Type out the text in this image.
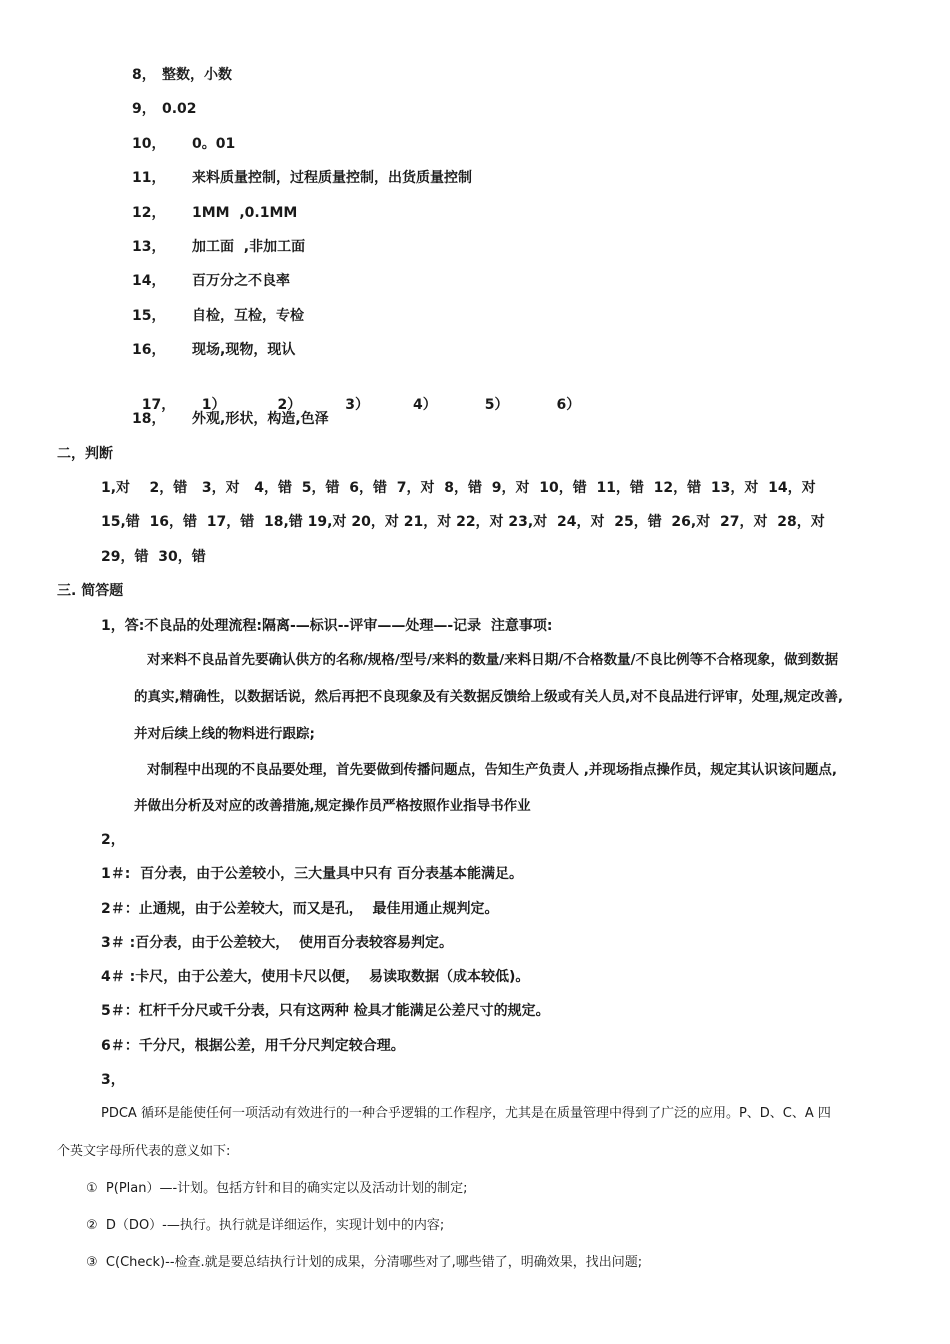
8， 整数，小数
9， 0.02
10， 0。01
11， 来料质量控制，过程质量控制，出货质量控制
12， 1MM  ,0.1MM
13， 加工面  ,非加工面
14， 百万分之不良率
15， 自检，互检，专检
16， 现场,现物，现认

17， 1）	2）	3）	4）	5）	6）

18， 外观,形状，构造,色泽
二，判断
1,对    2，错   3，对   4，错  5，错  6，错  7，对  8，错  9，对  10，错  11，错  12，错  13，对  14，对
15,错  16，错  17，错  18,错 19,对 20，对 21，对 22，对 23,对  24，对  25，错  26,对  27，对  28，对
29，错  30，错
三. 简答题
1，答:不良品的处理流程:隔离-—标识--评审——处理—-记录  注意事项:
对来料不良品首先要确认供方的名称/规格/型号/来料的数量/来料日期/不合格数量/不良比例等不合格现象，做到数据
的真实,精确性，以数据话说，然后再把不良现象及有关数据反馈给上级或有关人员,对不良品进行评审，处理,规定改善,
并对后续上线的物料进行跟踪;
对制程中出现的不良品要处理，首先要做到传播问题点，告知生产负责人 ,并现场指点操作员，规定其认识该问题点,
并做出分析及对应的改善措施,规定操作员严格按照作业指导书作业
2，
1＃:  百分表，由于公差较小，三大量具中只有 百分表基本能满足。
2＃：止通规，由于公差较大，而又是孔，  最佳用通止规判定。
3＃ :百分表，由于公差较大，  使用百分表较容易判定。
4＃ :卡尺，由于公差大，使用卡尺以便，  易读取数据（成本较低)。
5＃：杠杆千分尺或千分表，只有这两种 检具才能满足公差尺寸的规定。
6＃：千分尺，根据公差，用千分尺判定较合理。
3，
PDCA 循环是能使任何一项活动有效进行的一种合乎逻辑的工作程序，尤其是在质量管理中得到了广泛的应用。P、D、C、A 四
个英文字母所代表的意义如下:
①  P(Plan）—-计划。包括方针和目的确实定以及活动计划的制定;
②  D（DO）-—执行。执行就是详细运作，实现计划中的内容;
③  C(Check)--检查.就是要总结执行计划的成果，分清哪些对了,哪些错了，明确效果，找出问题;
